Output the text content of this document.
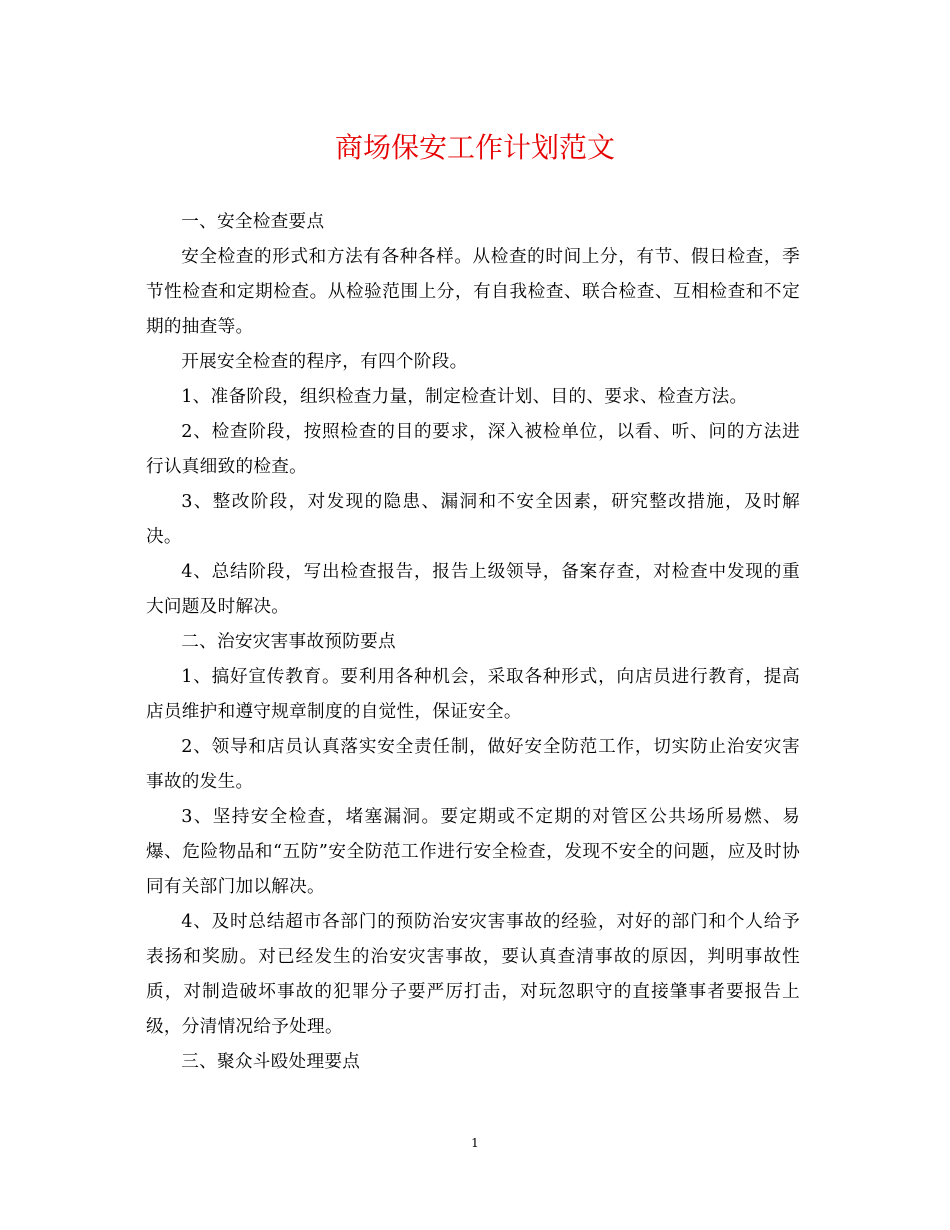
商场保安工作计划范文

一、安全检查要点

安全检查的形式和方法有各种各样。从检查的时间上分，有节、假日检查，季节性检查和定期检查。从检验范围上分，有自我检查、联合检查、互相检查和不定期的抽查等。

开展安全检查的程序，有四个阶段。

1、准备阶段，组织检查力量，制定检查计划、目的、要求、检查方法。

2、检查阶段，按照检查的目的要求，深入被检单位，以看、听、问的方法进行认真细致的检查。

3、整改阶段，对发现的隐患、漏洞和不安全因素，研究整改措施，及时解决。

4、总结阶段，写出检查报告，报告上级领导，备案存查，对检查中发现的重大问题及时解决。

二、治安灾害事故预防要点

1、搞好宣传教育。要利用各种机会，采取各种形式，向店员进行教育，提高店员维护和遵守规章制度的自觉性，保证安全。

2、领导和店员认真落实安全责任制，做好安全防范工作，切实防止治安灾害事故的发生。

3、坚持安全检查，堵塞漏洞。要定期或不定期的对管区公共场所易燃、易爆、危险物品和“五防”安全防范工作进行安全检查，发现不安全的问题，应及时协同有关部门加以解决。

4、及时总结超市各部门的预防治安灾害事故的经验，对好的部门和个人给予表扬和奖励。对已经发生的治安灾害事故，要认真查清事故的原因，判明事故性质，对制造破坏事故的犯罪分子要严厉打击，对玩忽职守的直接肇事者要报告上级，分清情况给予处理。

三、聚众斗殴处理要点

1
